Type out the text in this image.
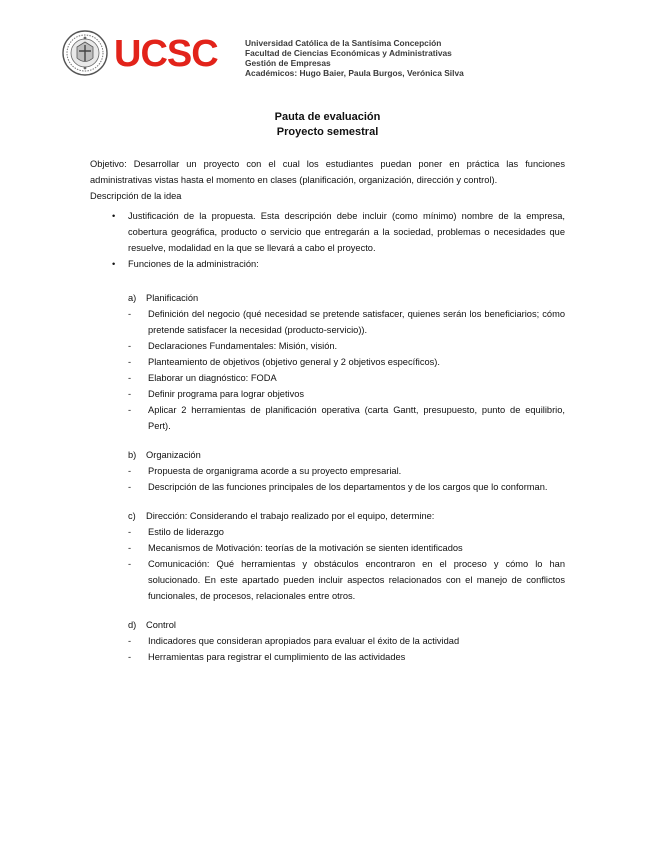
UCSC	Universidad Católica de la Santísima Concepción
Facultad de Ciencias Económicas y Administrativas
Gestión de Empresas
Académicos: Hugo Baier, Paula Burgos, Verónica Silva
Pauta de evaluación
Proyecto semestral

Objetivo: Desarrollar un proyecto con el cual los estudiantes puedan poner en práctica las funciones administrativas vistas hasta el momento en clases (planificación, organización, dirección y control).

Descripción de la idea

• Justificación de la propuesta. Esta descripción debe incluir (como mínimo) nombre de la empresa, cobertura geográfica, producto o servicio que entregarán a la sociedad, problemas o necesidades que resuelve, modalidad en la que se llevará a cabo el proyecto.
• Funciones de la administración:
a) Planificación
- Definición del negocio (qué necesidad se pretende satisfacer, quienes serán los beneficiarios; cómo pretende satisfacer la necesidad (producto-servicio)).
- Declaraciones Fundamentales: Misión, visión.
- Planteamiento de objetivos (objetivo general y 2 objetivos específicos).
- Elaborar un diagnóstico: FODA
- Definir programa para lograr objetivos
- Aplicar 2 herramientas de planificación operativa (carta Gantt, presupuesto, punto de equilibrio, Pert).
b) Organización
- Propuesta de organigrama acorde a su proyecto empresarial.
- Descripción de las funciones principales de los departamentos y de los cargos que lo conforman.
c) Dirección: Considerando el trabajo realizado por el equipo, determine:
- Estilo de liderazgo
- Mecanismos de Motivación: teorías de la motivación se sienten identificados
- Comunicación: Qué herramientas y obstáculos encontraron en el proceso y cómo lo han solucionado. En este apartado pueden incluir aspectos relacionados con el manejo de conflictos funcionales, de procesos, relacionales entre otros.
d) Control
- Indicadores que consideran apropiados para evaluar el éxito de la actividad
- Herramientas para registrar el cumplimiento de las actividades
